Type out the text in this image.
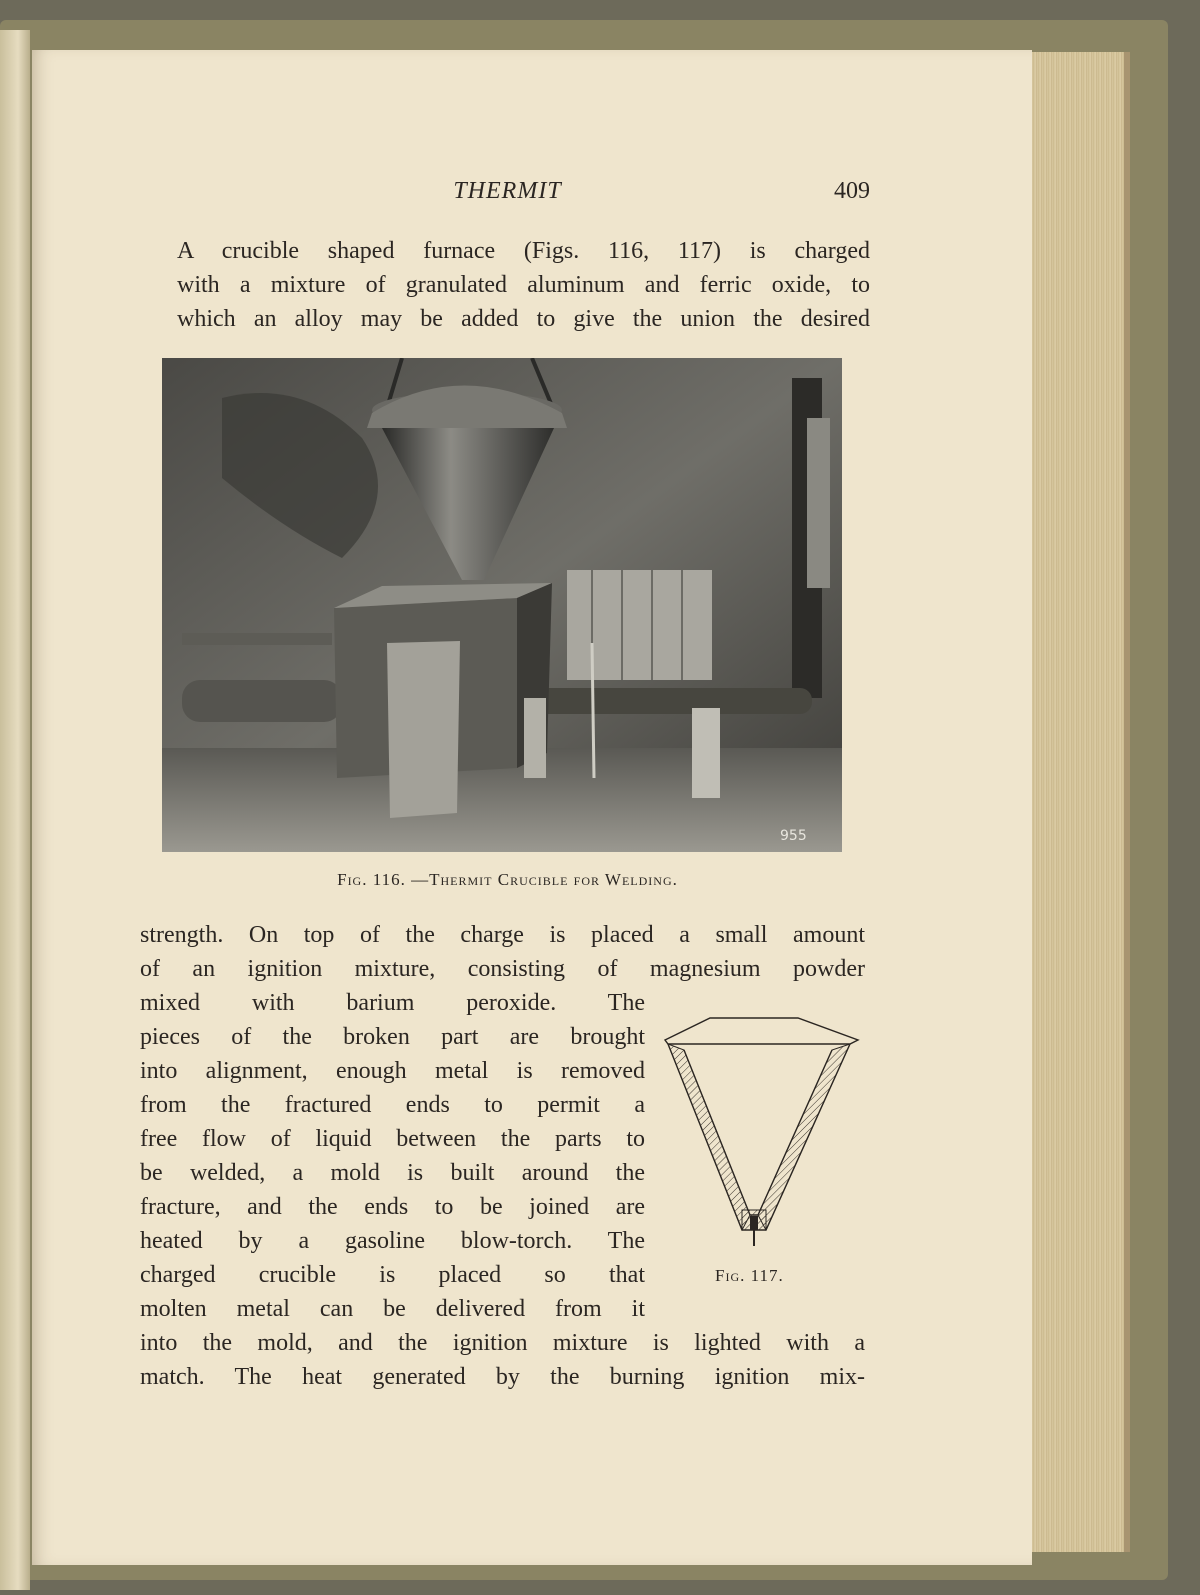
THERMIT	409

A crucible shaped furnace (Figs. 116, 117) is charged
with a mixture of granulated aluminum and ferric oxide, to
which an alloy may be added to give the union the desired

955
Fig. 116. —Thermit Crucible for Welding.

strength. On top of the charge is placed a small amount
of an ignition mixture, consisting of magnesium powder

mixed with barium peroxide. The
pieces of the broken part are brought
into alignment, enough metal is removed
from the fractured ends to permit a
free flow of liquid between the parts to
be welded, a mold is built around the
fracture, and the ends to be joined are
heated by a gasoline blow-torch. The
charged crucible is placed so that
molten metal can be delivered from it

Fig. 117.

into the mold, and the ignition mixture is lighted with a
match. The heat generated by the burning ignition mix-
